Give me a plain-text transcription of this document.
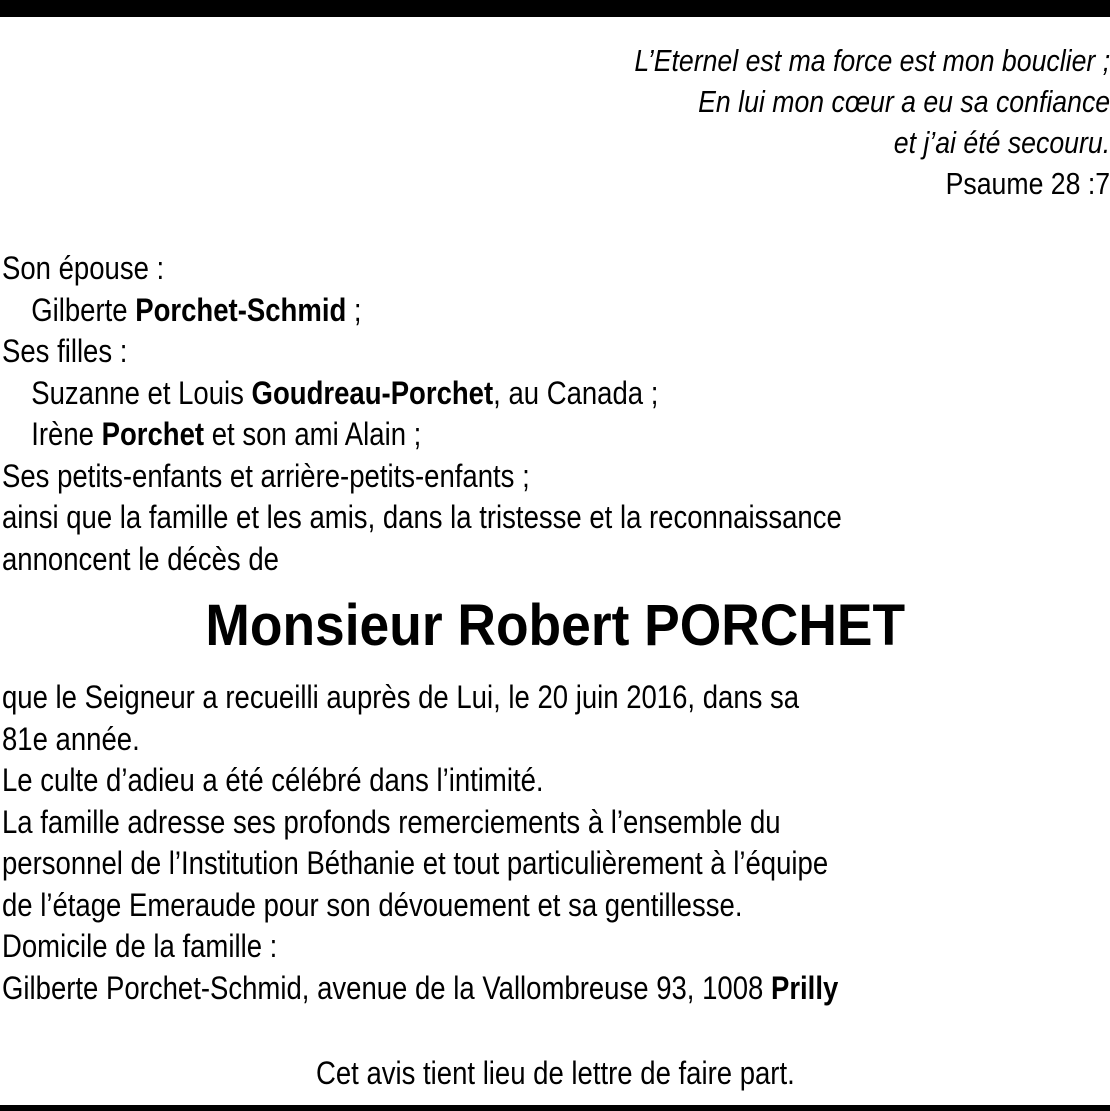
L’Eternel est ma force est mon bouclier ;
En lui mon cœur a eu sa confiance
et j’ai été secouru.
Psaume 28 :7
Son épouse :
Gilberte Porchet-Schmid ;
Ses filles :
Suzanne et Louis Goudreau-Porchet, au Canada ;
Irène Porchet et son ami Alain ;
Ses petits-enfants et arrière-petits-enfants ;
ainsi que la famille et les amis, dans la tristesse et la reconnaissance
annoncent le décès de
Monsieur Robert PORCHET
que le Seigneur a recueilli auprès de Lui, le 20 juin 2016, dans sa
81e année.
Le culte d’adieu a été célébré dans l’intimité.
La famille adresse ses profonds remerciements à l’ensemble du
personnel de l’Institution Béthanie et tout particulièrement à l’équipe
de l’étage Emeraude pour son dévouement et sa gentillesse.
Domicile de la famille :
Gilberte Porchet-Schmid, avenue de la Vallombreuse 93, 1008 Prilly
Cet avis tient lieu de lettre de faire part.
